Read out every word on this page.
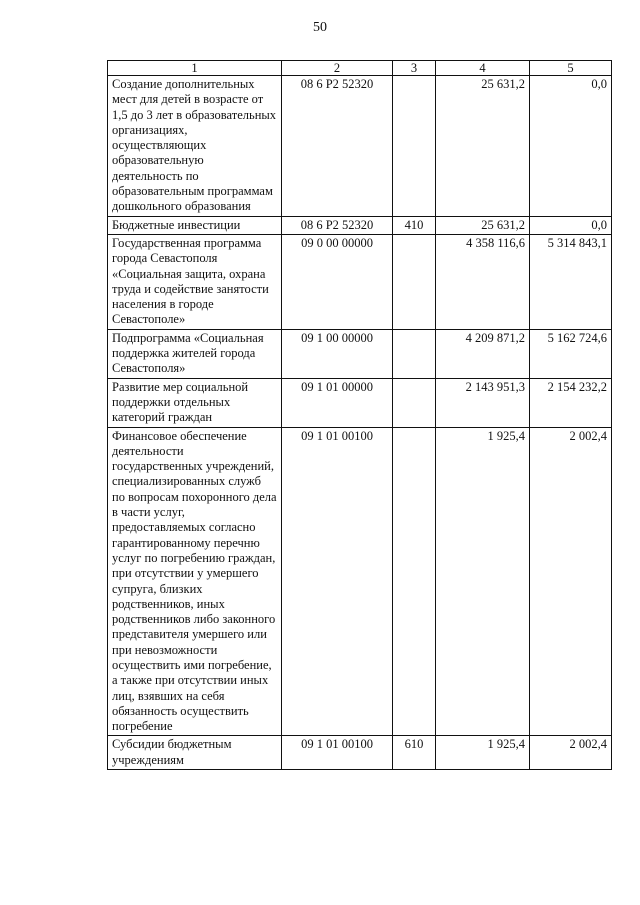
50
1	2	3	4	5
Создание дополнительных мест для детей в возрасте от 1,5 до 3 лет в образовательных организациях, осуществляющих образовательную деятельность по образовательным программам дошкольного образования	08 6 P2 52320		25 631,2	0,0
Бюджетные инвестиции	08 6 P2 52320	410	25 631,2	0,0
Государственная программа города Севастополя «Социальная защита, охрана труда и содействие занятости населения в городе Севастополе»	09 0 00 00000		4 358 116,6	5 314 843,1
Подпрограмма «Социальная поддержка жителей города Севастополя»	09 1 00 00000		4 209 871,2	5 162 724,6
Развитие мер социальной поддержки отдельных категорий граждан	09 1 01 00000		2 143 951,3	2 154 232,2
Финансовое обеспечение деятельности государственных учреждений, специализированных служб по вопросам похоронного дела в части услуг, предоставляемых согласно гарантированному перечню услуг по погребению граждан, при отсутствии у умершего супруга, близких родственников, иных родственников либо законного представителя умершего или при невозможности осуществить ими погребение, а также при отсутствии иных лиц, взявших на себя обязанность осуществить погребение	09 1 01 00100		1 925,4	2 002,4
Субсидии бюджетным учреждениям	09 1 01 00100	610	1 925,4	2 002,4
